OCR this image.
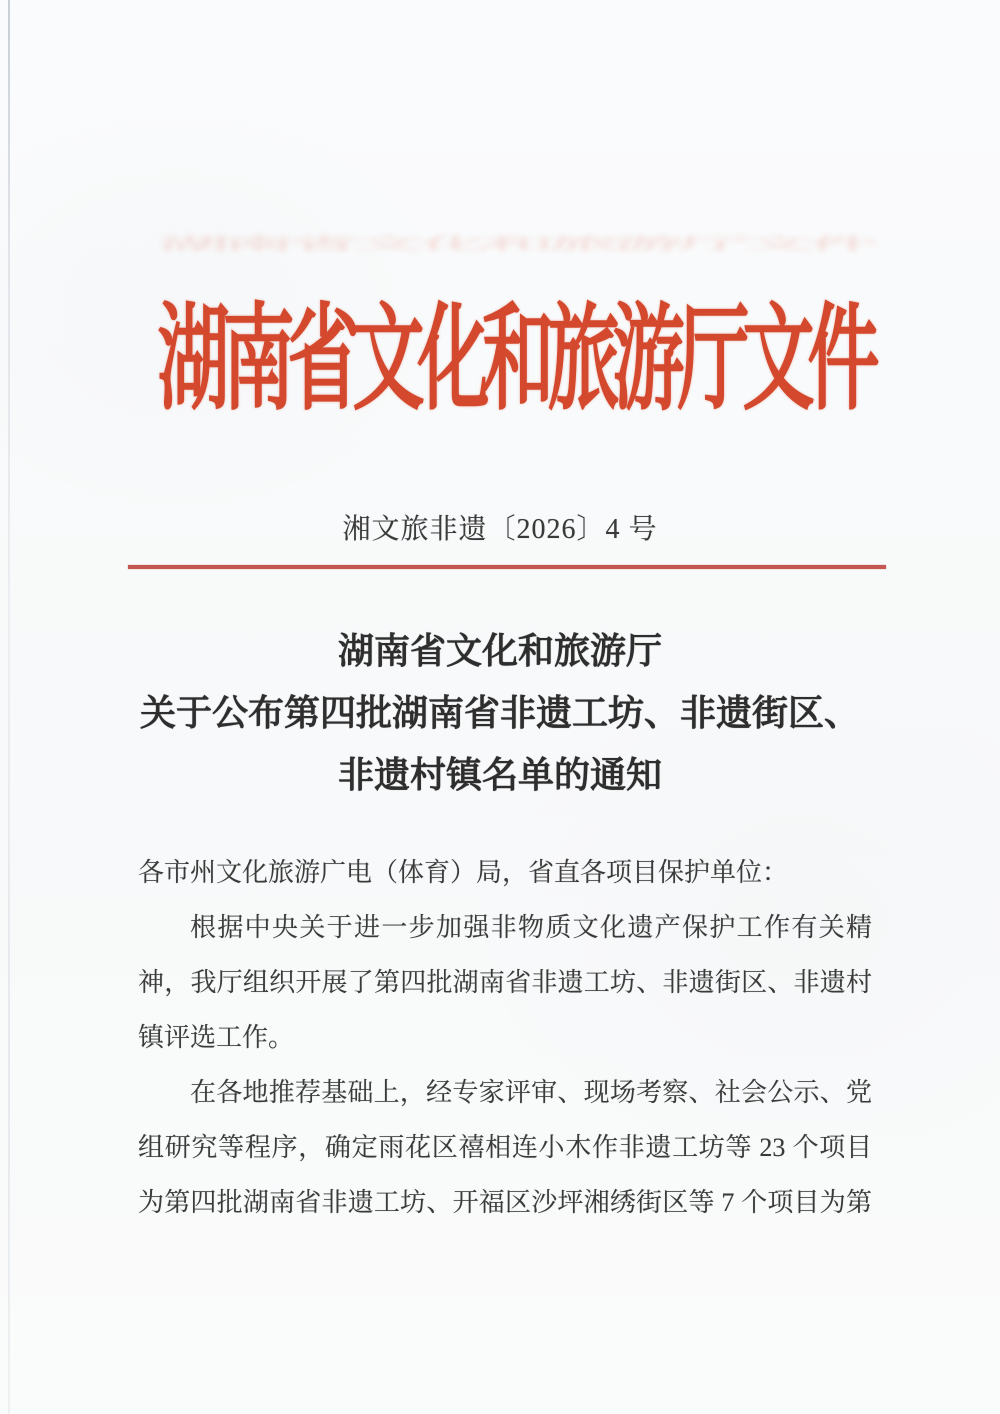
湖南省文化和旅游厅文件
湖南省文化和旅游厅文件
湘文旅非遗〔2026〕4 号
湖南省文化和旅游厅
关于公布第四批湖南省非遗工坊、非遗街区、
非遗村镇名单的通知
各市州文化旅游广电（体育）局，省直各项目保护单位：
根据中央关于进一步加强非物质文化遗产保护工作有关精
神，我厅组织开展了第四批湖南省非遗工坊、非遗街区、非遗村
镇评选工作。
在各地推荐基础上，经专家评审、现场考察、社会公示、党
组研究等程序，确定雨花区禧相连小木作非遗工坊等 23 个项目
为第四批湖南省非遗工坊、开福区沙坪湘绣街区等 7 个项目为第
